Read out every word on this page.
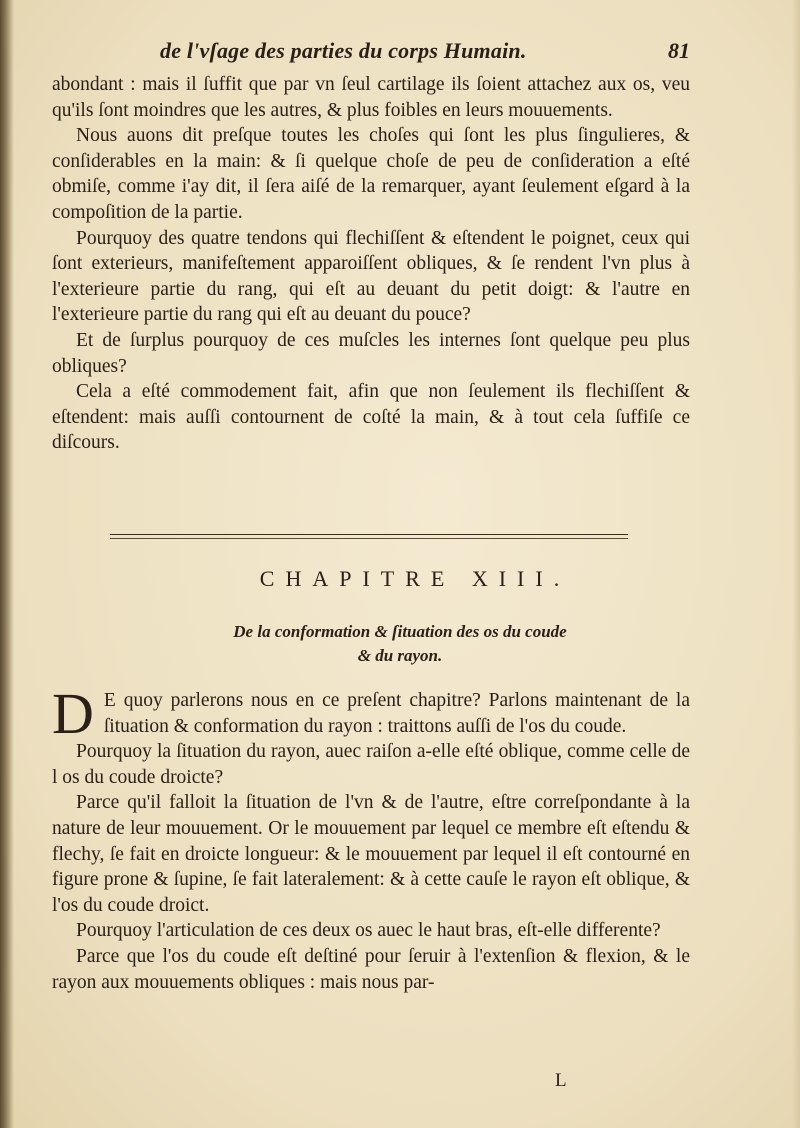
de l'vſage des parties du corps Humain.	81

abondant : mais il ſuffit que par vn ſeul cartilage ils ſoient attachez aux os, veu qu'ils ſont moindres que les autres, & plus foibles en leurs mouuements.

Nous auons dit preſque toutes les choſes qui ſont les plus ſingulieres, & conſiderables en la main: & ſi quelque choſe de peu de conſideration a eſté obmiſe, comme i'ay dit, il ſera aiſé de la remarquer, ayant ſeulement eſgard à la compoſition de la partie.

Pourquoy des quatre tendons qui flechiſſent & eſtendent le poignet, ceux qui ſont exterieurs, manifeſtement apparoiſſent obliques, & ſe rendent l'vn plus à l'exterieure partie du rang, qui eſt au deuant du petit doigt: & l'autre en l'exterieure partie du rang qui eſt au deuant du pouce?

Et de ſurplus pourquoy de ces muſcles les internes ſont quelque peu plus obliques?

Cela a eſté commodement fait, afin que non ſeulement ils flechiſſent & eſtendent: mais auſſi contournent de coſté la main, & à tout cela ſuffiſe ce diſcours.

CHAPITRE XIII.
De la conformation & ſituation des os du coude
& du rayon.

D E quoy parlerons nous en ce preſent chapitre? Parlons maintenant de la ſituation & conformation du rayon : traittons auſſi de l'os du coude.

Pourquoy la ſituation du rayon, auec raiſon a-elle eſté oblique, comme celle de l os du coude droicte?

Parce qu'il falloit la ſituation de l'vn & de l'autre, eſtre correſpondante à la nature de leur mouuement. Or le mouuement par lequel ce membre eſt eſtendu & flechy, ſe fait en droicte longueur: & le mouuement par lequel il eſt contourné en figure prone & ſupine, ſe fait lateralement: & à cette cauſe le rayon eſt oblique, & l'os du coude droict.

Pourquoy l'articulation de ces deux os auec le haut bras, eſt-elle differente?

Parce que l'os du coude eſt deſtiné pour ſeruir à l'extenſion & flexion, & le rayon aux mouuements obliques : mais nous par-

L
